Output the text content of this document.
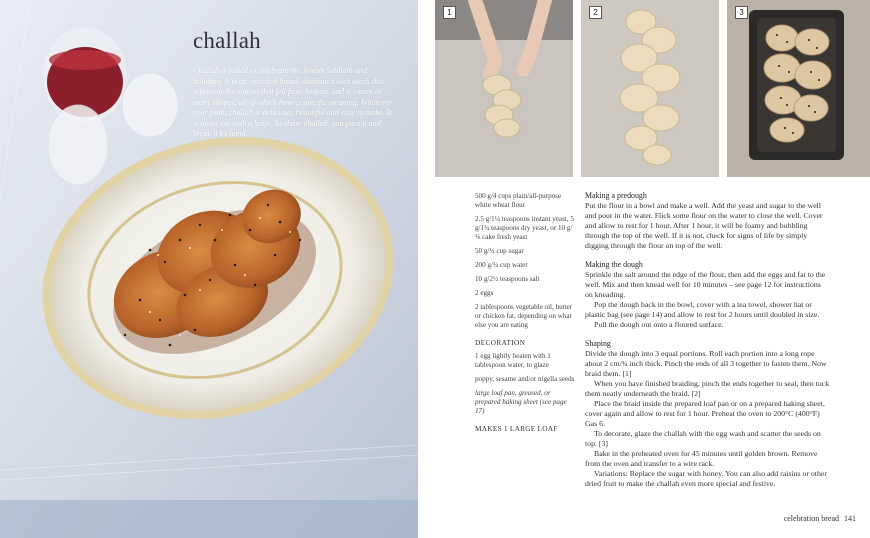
challah

Challah is baked to celebrate the Jewish Sabbath and holidays. It is an enriched bread, decorated with seeds that represent the manna that fell from heaven, and it comes in many shapes, all of which have a specific meaning. Whatever your faith, challah is delicious, beautiful and easy to make. It is never cut with a knife. To share challah, you pass it and break it by hand.

1	2	3

500 g/4 cups plain/all-purpose white wheat flour

2.5 g/1¼ teaspoons instant yeast, 5 g/1¾ teaspoons dry yeast, or 10 g/⅜ cake fresh yeast

50 g/¼ cup sugar

200 g/¾ cup water

10 g/2½ teaspoons salt

2 eggs

2 tablespoons vegetable oil, butter or chicken fat, depending on what else you are eating

DECORATION

1 egg lightly beaten with 1 tablespoon water, to glaze

poppy, sesame and/or nigella seeds

large loaf pan, greased, or prepared baking sheet (see page 17)

MAKES 1 LARGE LOAF

Making a predough

Put the flour in a bowl and make a well. Add the yeast and sugar to the well and pour in the water. Flick some flour on the water to close the well. Cover and allow to rest for 1 hour. After 1 hour, it will be foamy and bubbling through the top of the well. If it is not, check for signs of life by simply digging through the flour on top of the well.

Making the dough

Sprinkle the salt around the edge of the flour, then add the eggs and fat to the well. Mix and then knead well for 10 minutes – see page 12 for instructions on kneading.

Pop the dough back in the bowl, cover with a tea towel, shower hat or plastic bag (see page 14) and allow to rest for 2 hours until doubled in size.

Pull the dough out onto a floured surface.

Shaping

Divide the dough into 3 equal portions. Roll each portion into a long rope about 2 cm/¾ inch thick. Pinch the ends of all 3 together to fasten them. Now braid them. [1]

When you have finished braiding, pinch the ends together to seal, then tuck them neatly underneath the braid. [2]

Place the braid inside the prepared loaf pan or on a prepared baking sheet, cover again and allow to rest for 1 hour. Preheat the oven to 200°C (400°F) Gas 6.

To decorate, glaze the challah with the egg wash and scatter the seeds on top. [3]

Bake in the preheated oven for 45 minutes until golden brown. Remove from the oven and transfer to a wire rack.

Variations: Replace the sugar with honey. You can also add raisins or other dried fruit to make the challah even more special and festive.

celebration bread 141
